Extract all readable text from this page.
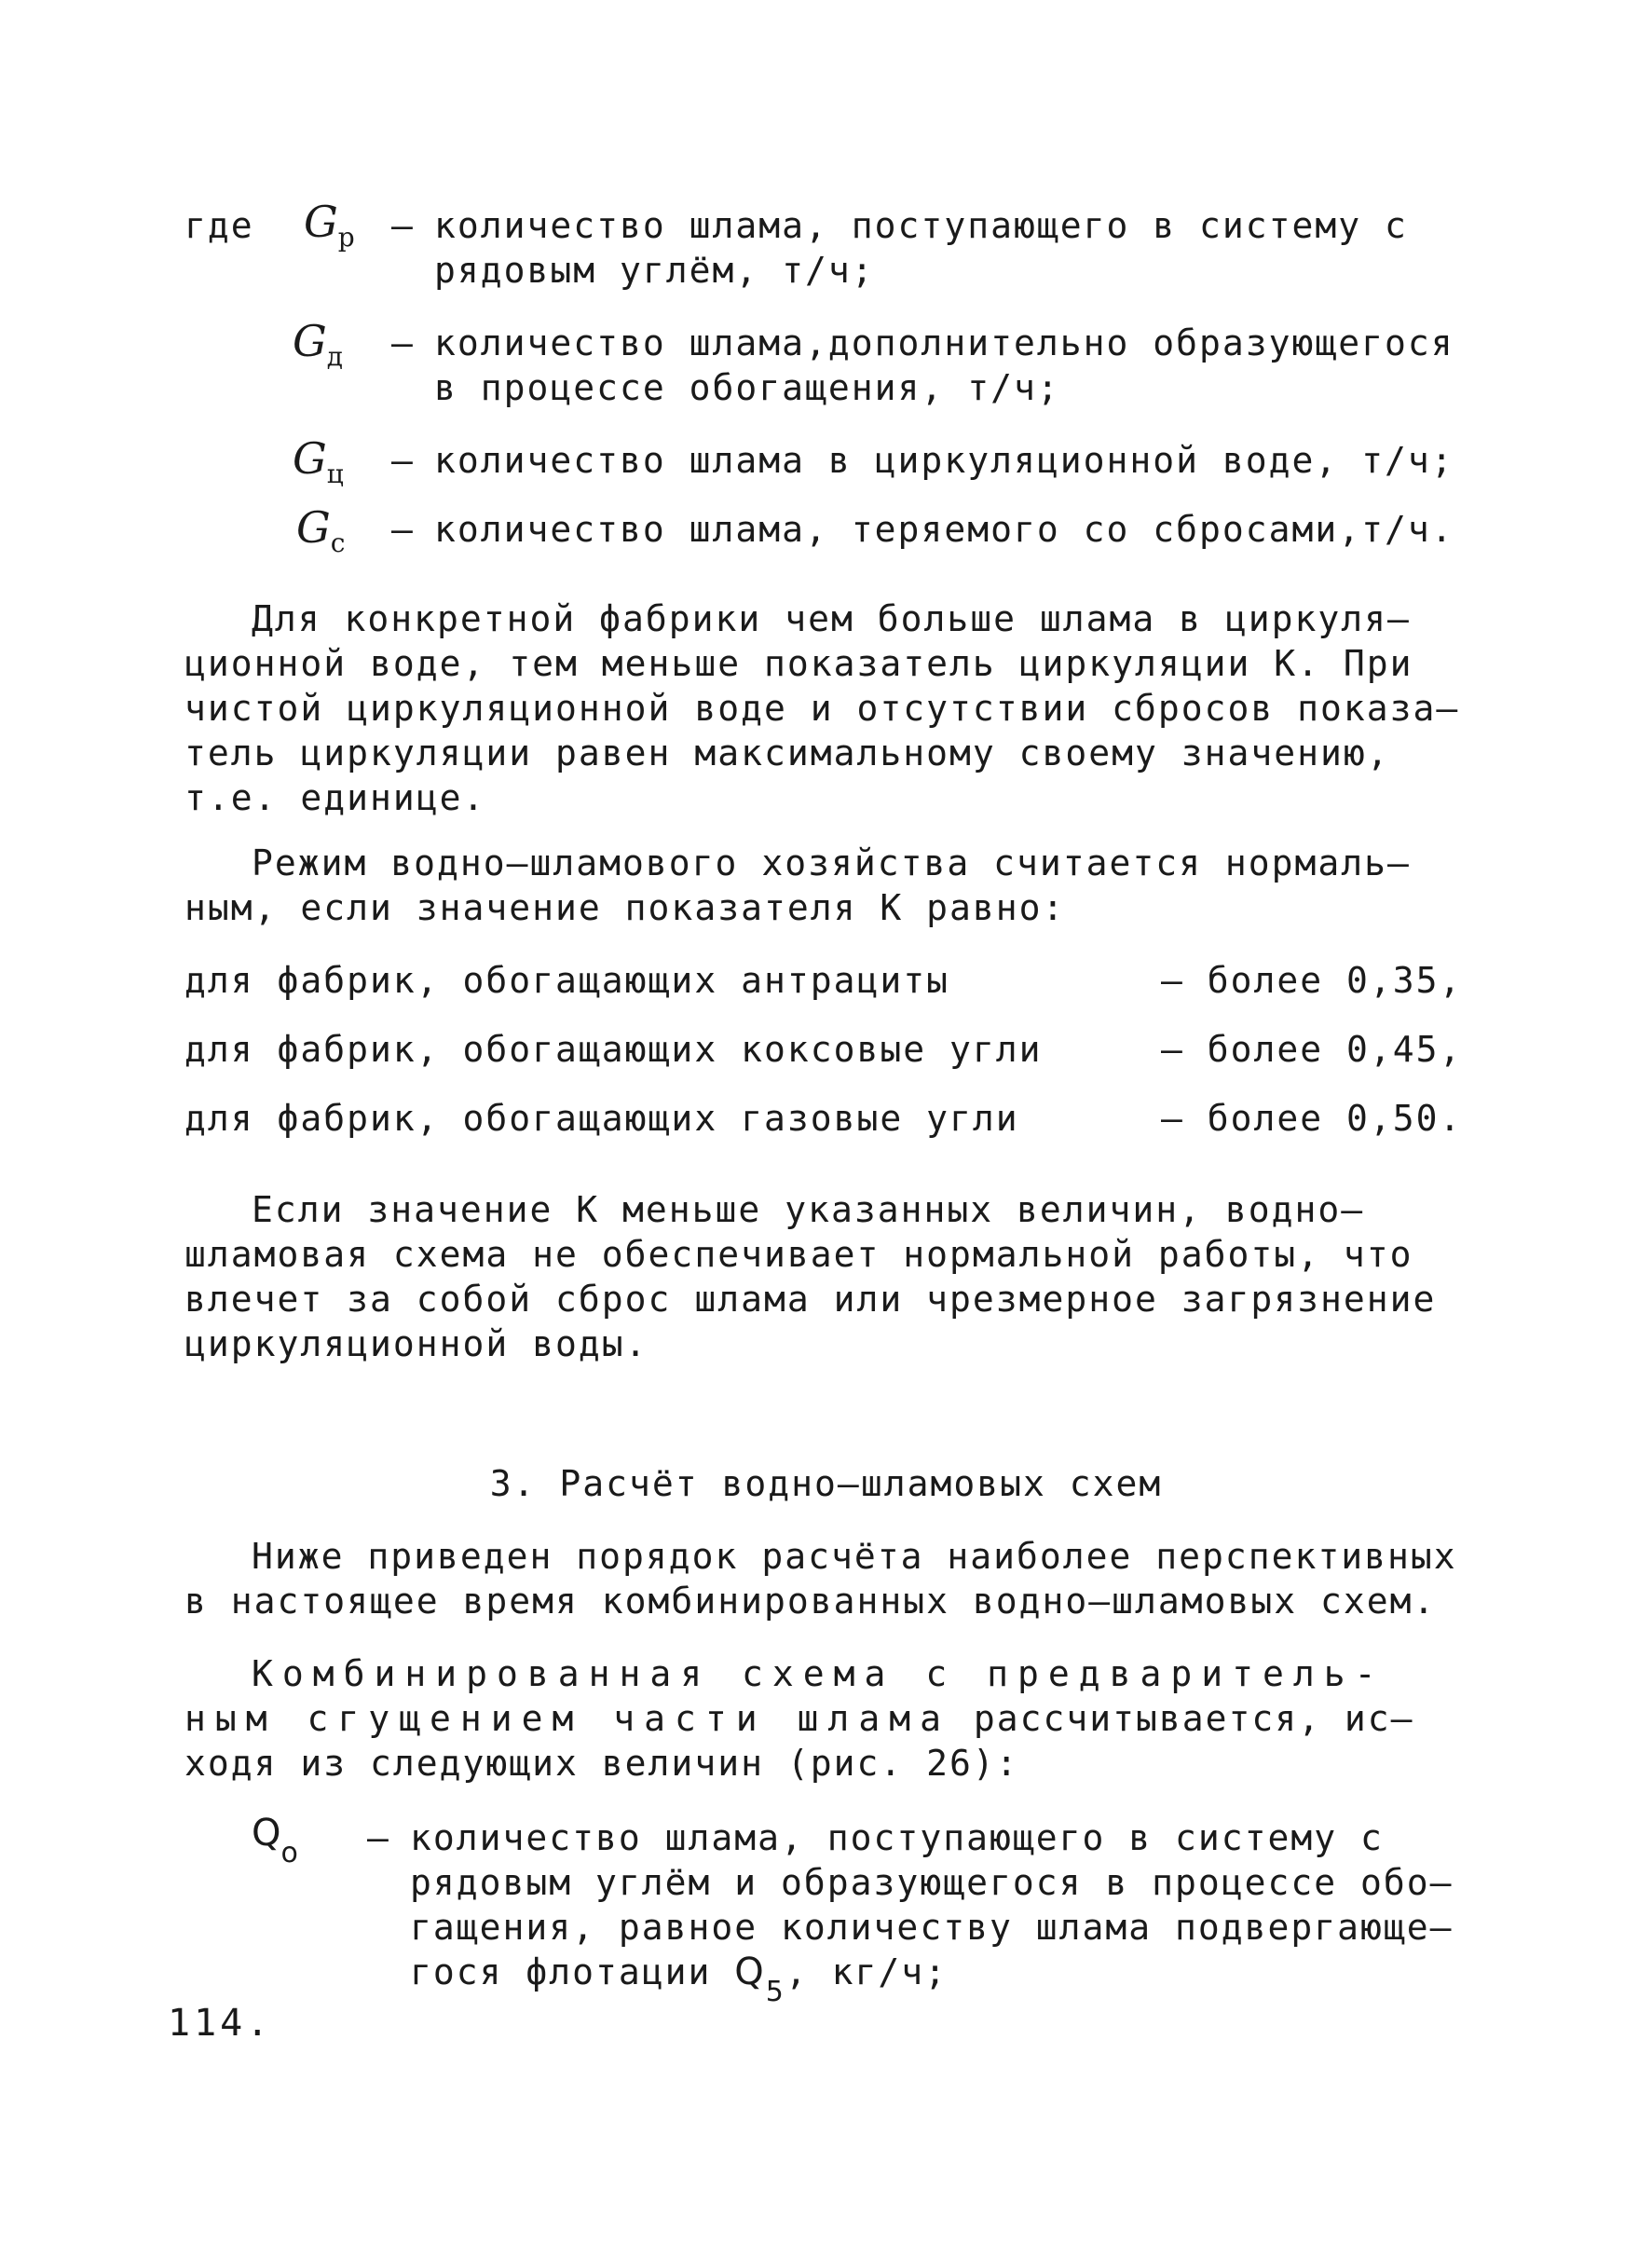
где $G_р$ – количество шлама, поступающего в систему с
рядовым углём, т/ч;
$G_д$ – количество шлама,дополнительно образующегося
в процессе обогащения, т/ч;
$G_ц$ – количество шлама в циркуляционной воде, т/ч;
$G_c$ – количество шлама, теряемого со сбросами,т/ч.
Для конкретной фабрики чем больше шлама в циркуля–
ционной воде, тем меньше показатель циркуляции К. При
чистой циркуляционной воде и отсутствии сбросов показа–
тель циркуляции равен максимальному своему значению,
т.е. единице.
Режим водно–шламового хозяйства считается нормаль–
ным, если значение показателя К равно:
для фабрик, обогащающих антрациты	– более 0,35,
для фабрик, обогащающих коксовые угли	– более 0,45,
для фабрик, обогащающих газовые угли	– более 0,50.
Если значение К меньше указанных величин, водно–
шламовая схема не обеспечивает нормальной работы, что
влечет за собой сброс шлама или чрезмерное загрязнение
циркуляционной воды.
3. Расчёт водно–шламовых схем
Ниже приведен порядок расчёта наиболее перспективных
в настоящее время комбинированных водно–шламовых схем.
Комбинированная схема с предваритель-
ным сгущением части шлама рассчитывается, ис–
ходя из следующих величин (рис. 26):
$Q_о$ – количество шлама, поступающего в систему с
рядовым углём и образующегося в процессе обо–
гащения, равное количеству шлама подвергающе–
гося флотации $Q_5$, кг/ч;
114.
